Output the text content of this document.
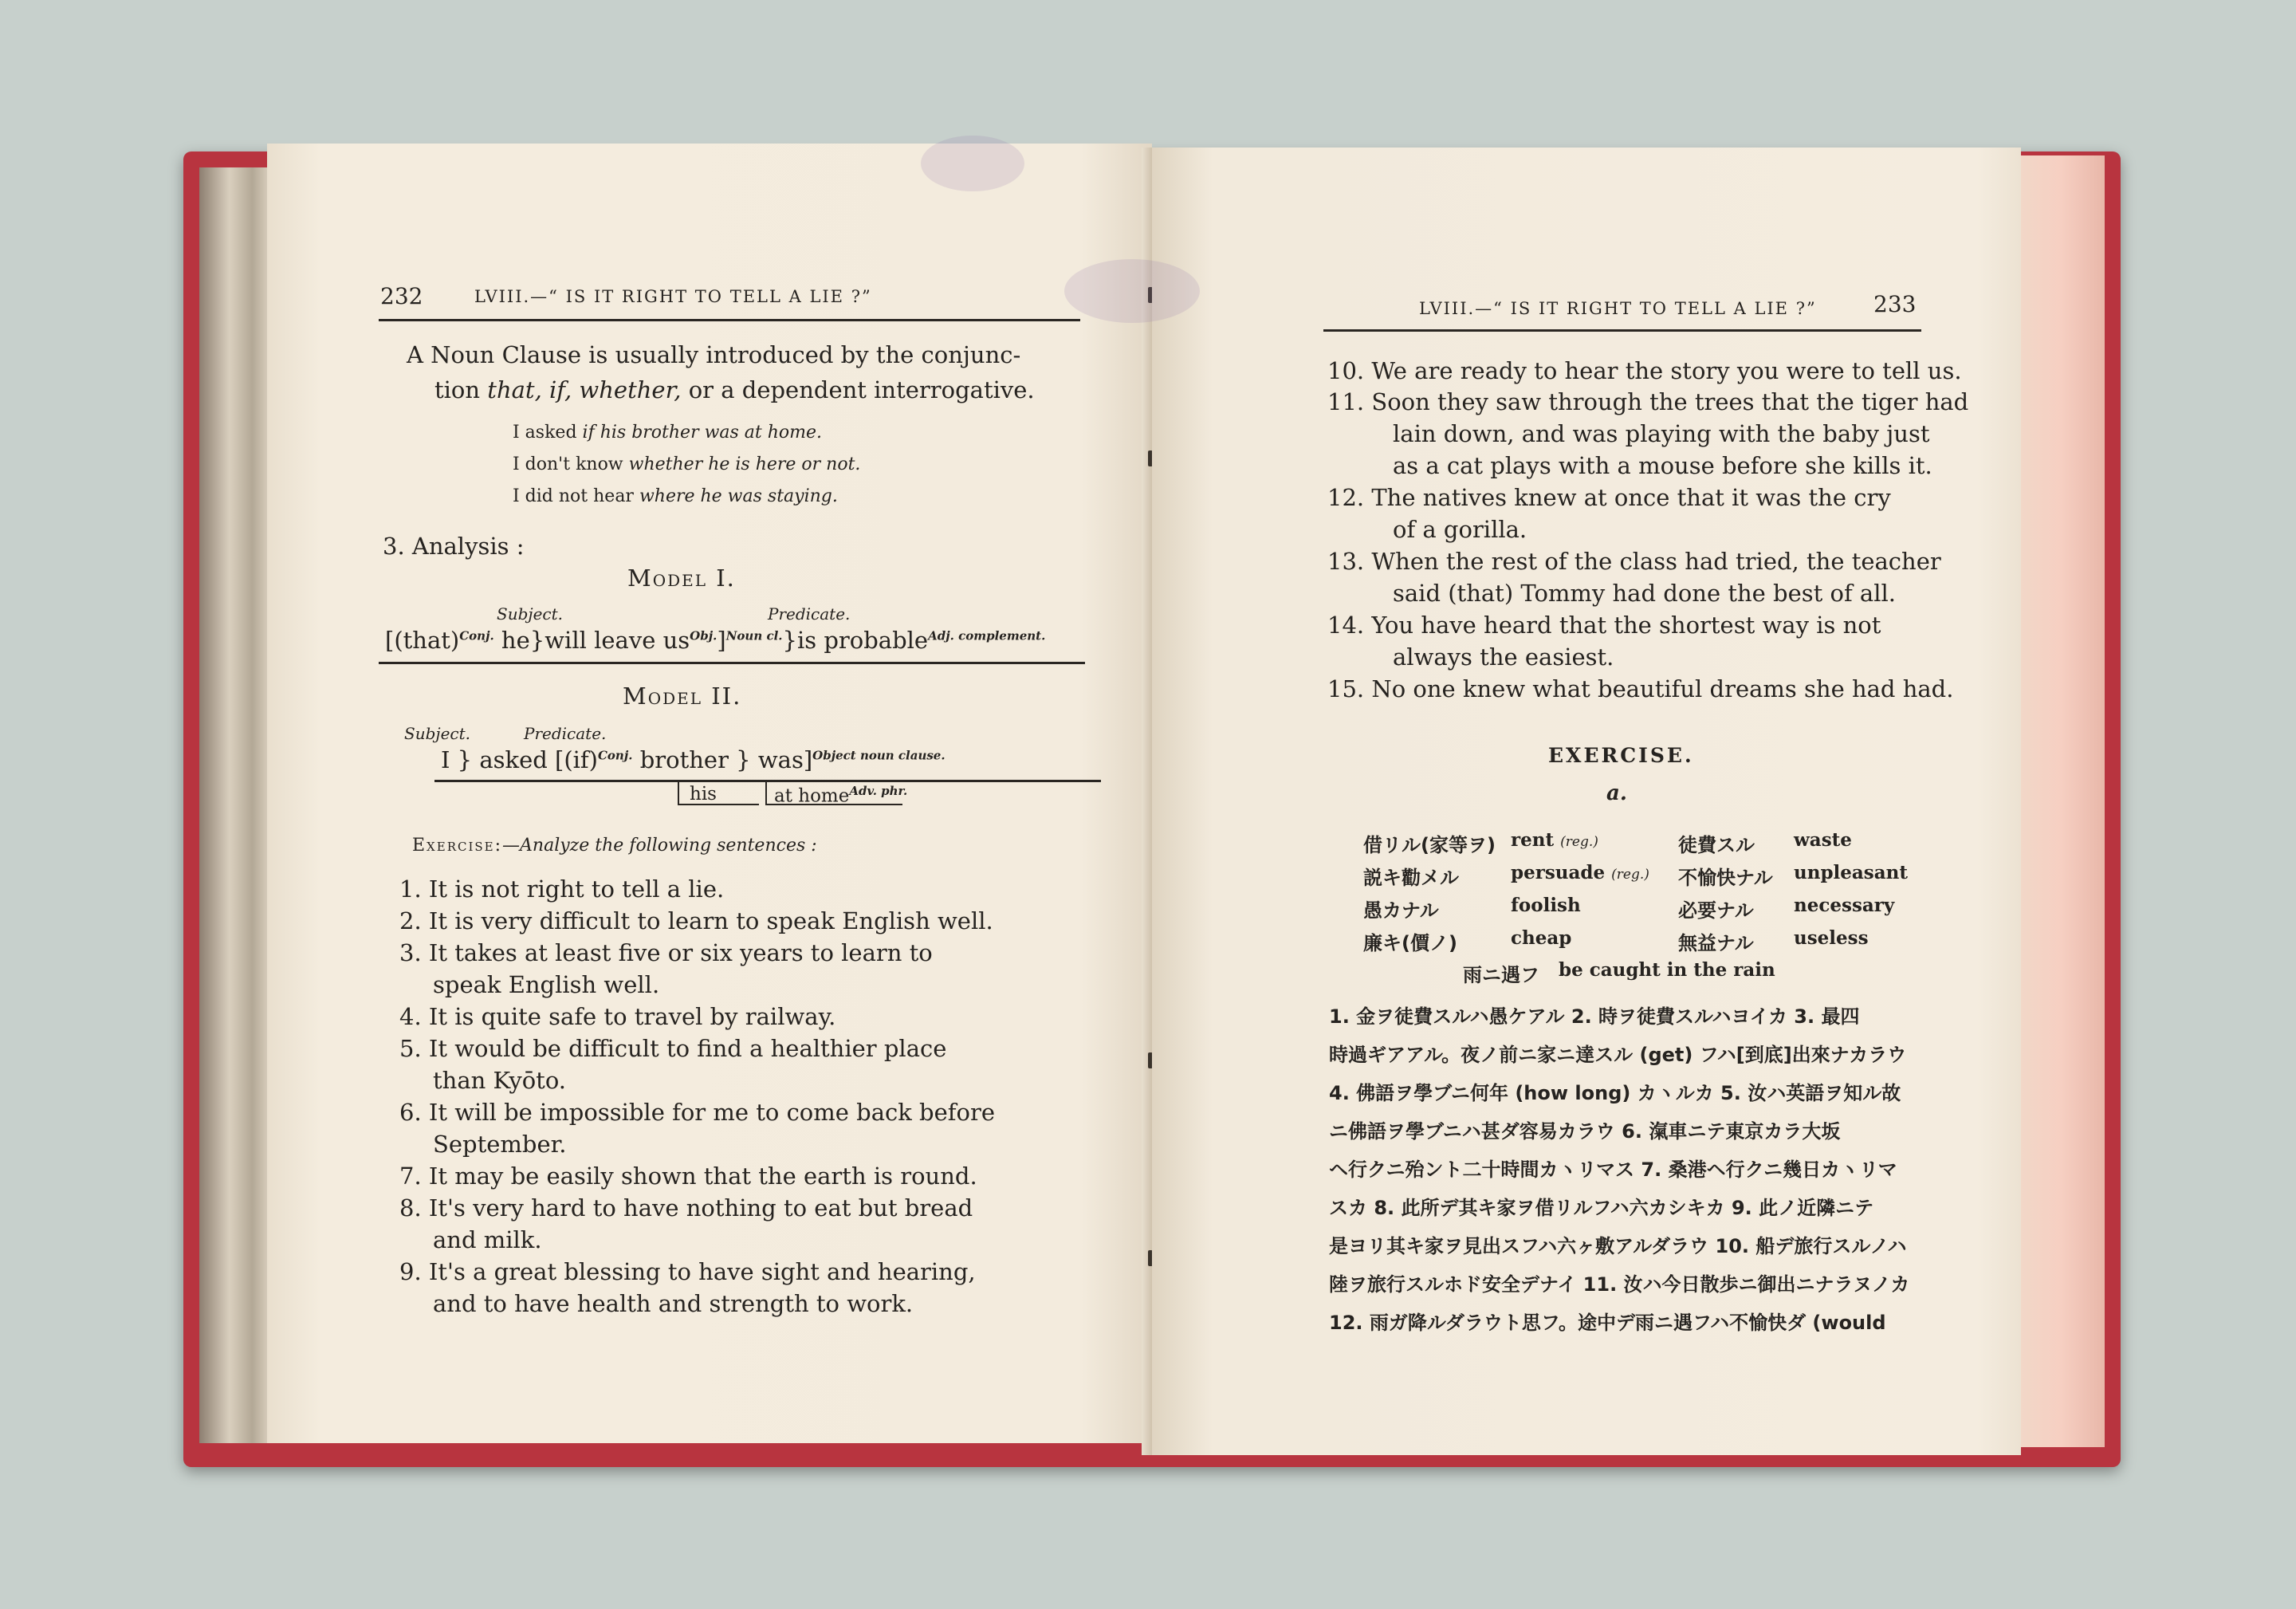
232	LVIII.—“ IS IT RIGHT TO TELL A LIE ?”
A Noun Clause is usually introduced by the conjunc-
tion that, if, whether, or a dependent interrogative.
I asked if his brother was at home.
I don't know whether he is here or not.
I did not hear where he was staying.
3. Analysis :
Model I.
Subject.	Predicate.
[(that)$^{Conj.}$ he}will leave $us^{Obj.}]^{Noun cl.}\}is$ probable$^{Adj. complement.}$
Model II.
Subject.	Predicate.
I } asked [(if)$^{Conj.}$ brother } was]$^{Object noun clause.}$
his	at home$^{Adv. phr.}$
Exercise:—Analyze the following sentences :
1. It is not right to tell a lie.
2. It is very difficult to learn to speak English well.
3. It takes at least five or six years to learn to
speak English well.
4. It is quite safe to travel by railway.
5. It would be difficult to find a healthier place
than Kyōto.
6. It will be impossible for me to come back before
September.
7. It may be easily shown that the earth is round.
8. It's very hard to have nothing to eat but bread
and milk.
9. It's a great blessing to have sight and hearing,
and to have health and strength to work.
LVIII.—“ IS IT RIGHT TO TELL A LIE ?”	233
10. We are ready to hear the story you were to tell us.
11. Soon they saw through the trees that the tiger had
lain down, and was playing with the baby just
as a cat plays with a mouse before she kills it.
12. The natives knew at once that it was the cry
of a gorilla.
13. When the rest of the class had tried, the teacher
said (that) Tommy had done the best of all.
14. You have heard that the shortest way is not
always the easiest.
15. No one knew what beautiful dreams she had had.
EXERCISE.
a.
借リル(家等ヲ) rent (reg.)	徒費スル waste
説キ勸メル	persuade (reg.) 不愉快ナル unpleasant
愚カナル	foolish	必要ナル necessary
廉キ(價ノ)	cheap	無益ナル useless
雨ニ遇フ be caught in the rain
1. 金ヲ徒費スルハ愚ケアル 2. 時ヲ徒費スルハヨイカ 3. 最四
時過ギアアル。夜ノ前ニ家ニ達スル (get) フハ[到底]出來ナカラウ
4. 佛語ヲ學ブニ何年 (how long) カヽルカ 5. 汝ハ英語ヲ知ル故
ニ佛語ヲ學ブニハ甚ダ容易カラウ 6. 滊車ニテ東京カラ大坂
ヘ行クニ殆ント二十時間カヽリマス 7. 桑港ヘ行クニ幾日カヽリマ
スカ 8. 此所デ其キ家ヲ借リルフハ六カシキカ 9. 此ノ近隣ニテ
是ヨリ其キ家ヲ見出スフハ六ヶ敷アルダラウ 10. 船デ旅行スルノハ
陸ヲ旅行スルホド安全デナイ 11. 汝ハ今日散歩ニ御出ニナラヌノカ
12. 雨ガ降ルダラウト思フ。途中デ雨ニ遇フハ不愉快ダ (would
